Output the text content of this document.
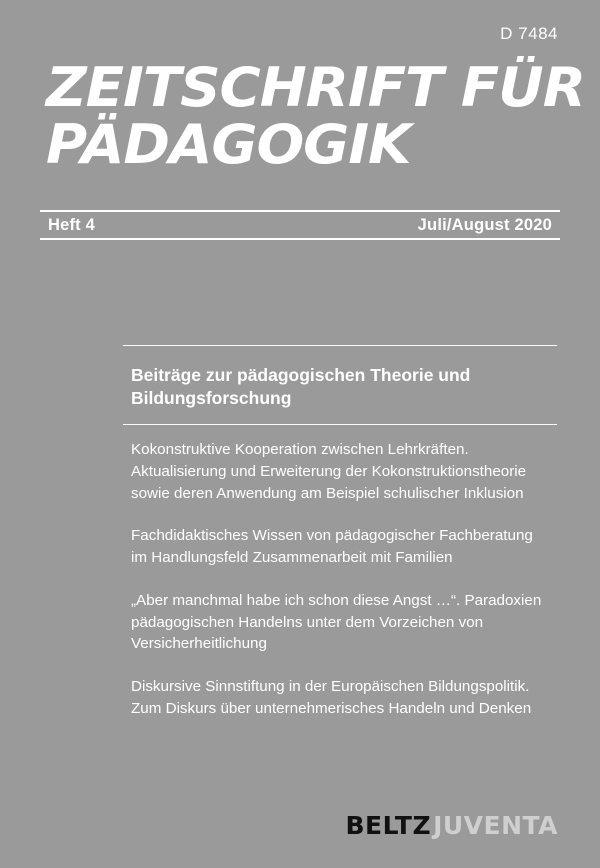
D 7484
ZEITSCHRIFT FÜR
PÄDAGOGIK
Heft 4	Juli/August 2020
Beiträge zur pädagogischen Theorie und Bildungsforschung
Kokonstruktive Kooperation zwischen Lehrkräften. Aktualisierung und Erweiterung der Kokonstruktionstheorie sowie deren Anwendung am Beispiel schulischer Inklusion
Fachdidaktisches Wissen von pädagogischer Fachberatung im Handlungsfeld Zusammenarbeit mit Familien
„Aber manchmal habe ich schon diese Angst …“. Paradoxien pädagogischen Handelns unter dem Vorzeichen von Versicherheitlichung
Diskursive Sinnstiftung in der Europäischen Bildungspolitik. Zum Diskurs über unternehmerisches Handeln und Denken
BELTZ JUVENTA
